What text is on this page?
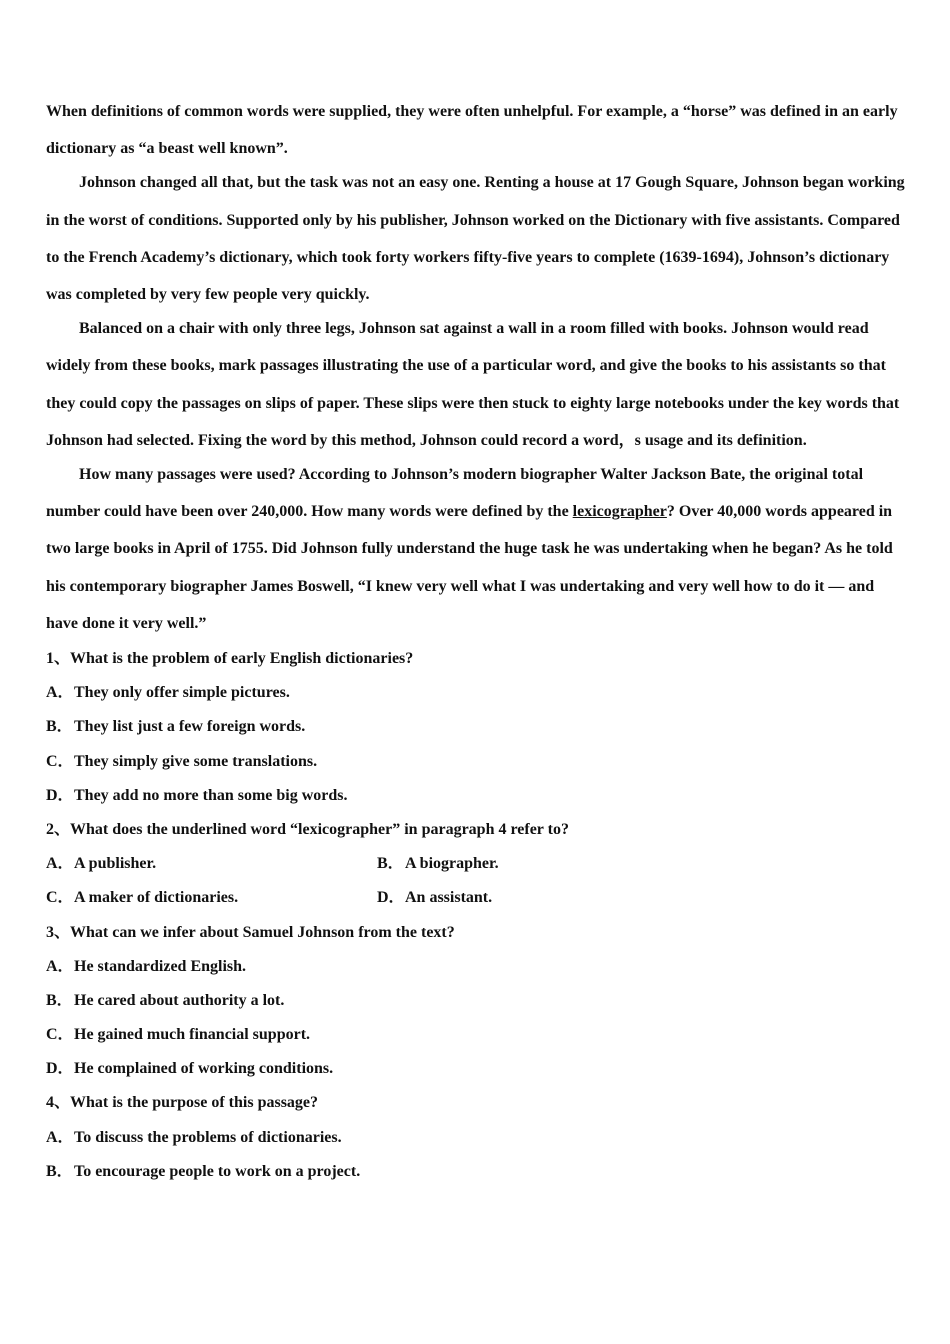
When definitions of common words were supplied, they were often unhelpful. For example, a “horse” was defined in an early dictionary as “a beast well known”.

Johnson changed all that, but the task was not an easy one. Renting a house at 17 Gough Square, Johnson began working in the worst of conditions. Supported only by his publisher, Johnson worked on the Dictionary with five assistants. Compared to the French Academy’s dictionary, which took forty workers fifty-five years to complete (1639-1694), Johnson’s dictionary was completed by very few people very quickly.

Balanced on a chair with only three legs, Johnson sat against a wall in a room filled with books. Johnson would read widely from these books, mark passages illustrating the use of a particular word, and give the books to his assistants so that they could copy the passages on slips of paper. These slips were then stuck to eighty large notebooks under the key words that Johnson had selected. Fixing the word by this method, Johnson could record a word，s usage and its definition.

How many passages were used? According to Johnson’s modern biographer Walter Jackson Bate, the original total number could have been over 240,000. How many words were defined by the lexicographer? Over 40,000 words appeared in two large books in April of 1755. Did Johnson fully understand the huge task he was undertaking when he began? As he told his contemporary biographer James Boswell, “I knew very well what I was undertaking and very well how to do it — and have done it very well.”

1、What is the problem of early English dictionaries?
A．They only offer simple pictures.
B．They list just a few foreign words.
C．They simply give some translations.
D．They add no more than some big words.
2、What does the underlined word “lexicographer” in paragraph 4 refer to?
A．A publisher.	B．A biographer.
C．A maker of dictionaries.	D．An assistant.
3、What can we infer about Samuel Johnson from the text?
A．He standardized English.
B．He cared about authority a lot.
C．He gained much financial support.
D．He complained of working conditions.
4、What is the purpose of this passage?
A．To discuss the problems of dictionaries.
B．To encourage people to work on a project.
